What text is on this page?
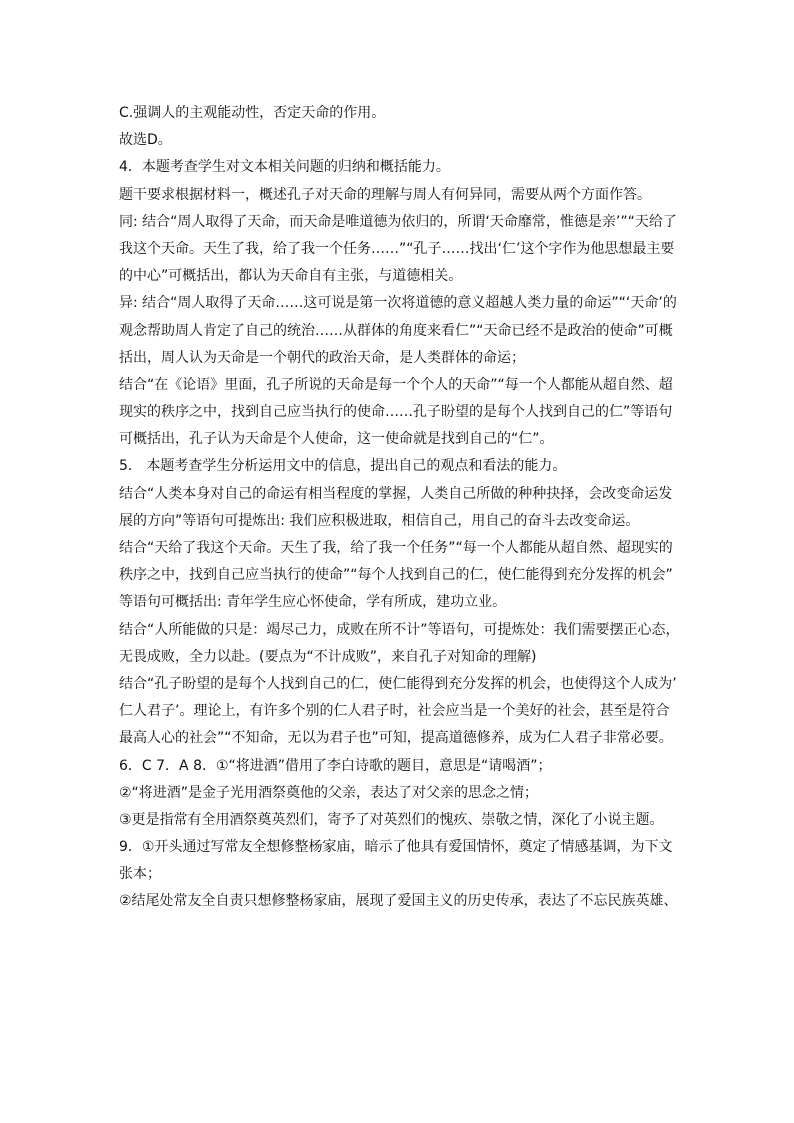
C.强调人的主观能动性，否定天命的作用。
故选D。
4．本题考查学生对文本相关问题的归纳和概括能力。
题干要求根据材料一，概述孔子对天命的理解与周人有何异同，需要从两个方面作答。
同: 结合“周人取得了天命，而天命是唯道德为依归的，所谓‘天命靡常，惟德是亲’”“天给了
我这个天命。天生了我，给了我一个任务……”“孔子……找出‘仁’这个字作为他思想最主要
的中心”可概括出，都认为天命自有主张，与道德相关。
异: 结合“周人取得了天命……这可说是第一次将道德的意义超越人类力量的命运”“‘天命’的
观念帮助周人肯定了自己的统治……从群体的角度来看仁”“天命已经不是政治的使命”可概
括出，周人认为天命是一个朝代的政治天命，是人类群体的命运；
结合“在《论语》里面，孔子所说的天命是每一个个人的天命”“每一个人都能从超自然、超
现实的秩序之中，找到自己应当执行的使命……孔子盼望的是每个人找到自己的仁”等语句
可概括出，孔子认为天命是个人使命，这一使命就是找到自己的“仁”。
5． 本题考查学生分析运用文中的信息，提出自己的观点和看法的能力。
结合“人类本身对自己的命运有相当程度的掌握，人类自己所做的种种抉择，会改变命运发
展的方向”等语句可提炼出: 我们应积极进取，相信自己，用自己的奋斗去改变命运。
结合“天给了我这个天命。天生了我，给了我一个任务”“每一个人都能从超自然、超现实的
秩序之中，找到自己应当执行的使命”“每个人找到自己的仁，使仁能得到充分发挥的机会”
等语句可概括出: 青年学生应心怀使命，学有所成，建功立业。
结合“人所能做的只是：竭尽己力，成败在所不计”等语句，可提炼处：我们需要摆正心态，
无畏成败，全力以赴。(要点为“不计成败”，来自孔子对知命的理解)
结合“孔子盼望的是每个人找到自己的仁，使仁能得到充分发挥的机会，也使得这个人成为’
仁人君子’。理论上，有许多个别的仁人君子时，社会应当是一个美好的社会，甚至是符合
最高人心的社会”“不知命，无以为君子也”可知，提高道德修养，成为仁人君子非常必要。
6．C 7．A 8．①“将进酒”借用了李白诗歌的题目，意思是“请喝酒”；
②“将进酒”是金子光用酒祭奠他的父亲，表达了对父亲的思念之情；
③更是指常有全用酒祭奠英烈们，寄予了对英烈们的愧疚、崇敬之情，深化了小说主题。
9．①开头通过写常友全想修整杨家庙，暗示了他具有爱国情怀，奠定了情感基调，为下文
张本；
②结尾处常友全自责只想修整杨家庙，展现了爱国主义的历史传承，表达了不忘民族英雄、
